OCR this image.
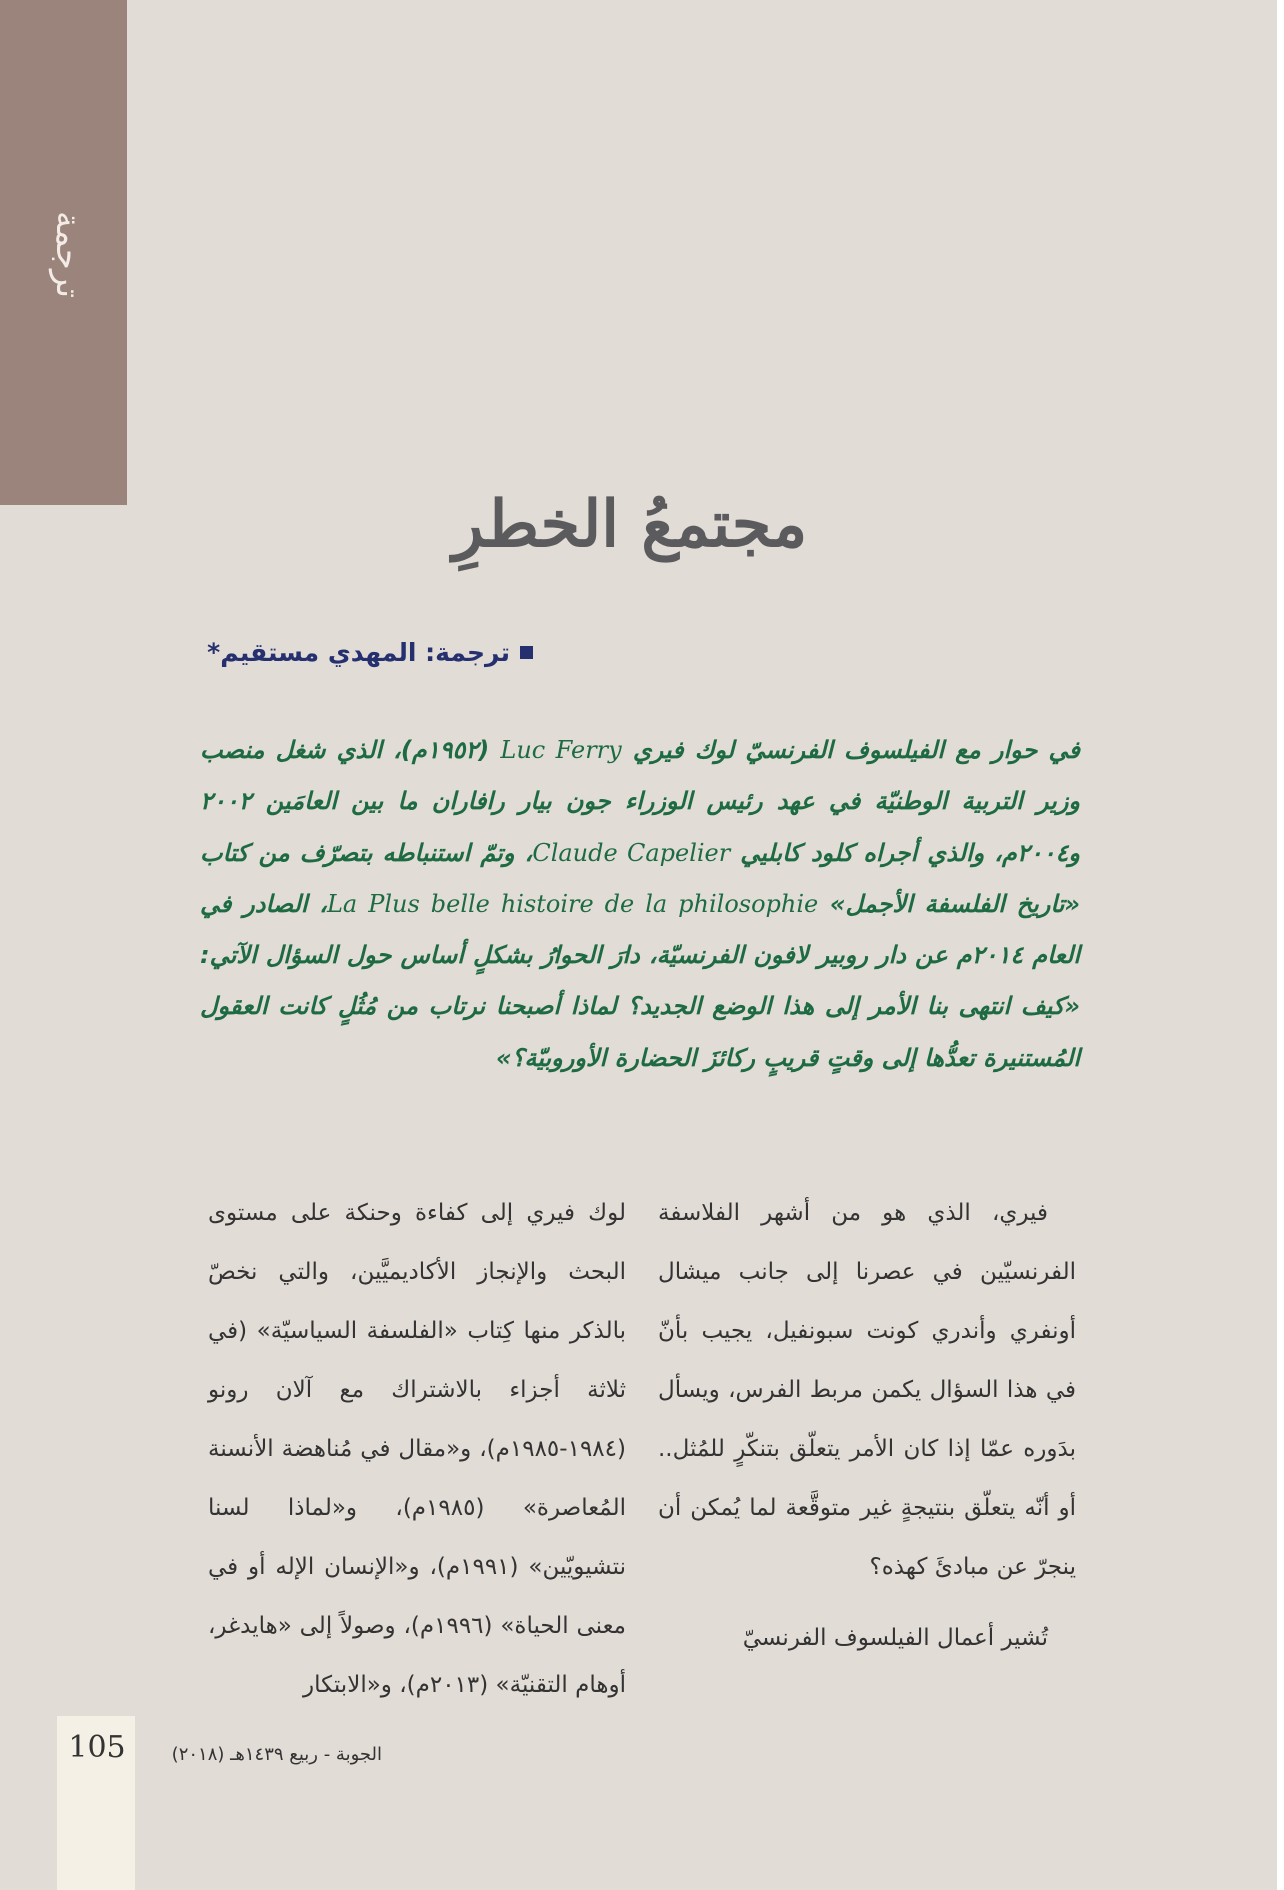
ترجمة
مجتمعُ الخطرِ
ترجمة: المهدي مستقيم*

في حوار مع الفيلسوف الفرنسيّ لوك فيري Luc Ferry (١٩٥٢م)، الذي شغل منصب وزير التربية الوطنيّة في عهد رئيس الوزراء جون بيار رافاران ما بين العامَين ٢٠٠٢ و٢٠٠٤م، والذي أجراه كلود كابليي Claude Capelier، وتمّ استنباطه بتصرّف من كتاب «تاريخ الفلسفة الأجمل» La Plus belle histoire de la philosophie، الصادر في العام ٢٠١٤م عن دار روبير لافون الفرنسيّة، دارَ الحوارُ بشكلٍ أساس حول السؤال الآتي: «كيف انتهى بنا الأمر إلى هذا الوضع الجديد؟ لماذا أصبحنا نرتاب من مُثُلٍ كانت العقول المُستنيرة تعدُّها إلى وقتٍ قريبٍ ركائزَ الحضارة الأوروبيّة؟»

فيري، الذي هو من أشهر الفلاسفة الفرنسيّين في عصرنا إلى جانب ميشال أونفري وأندري كونت سبونفيل، يجيب بأنّ في هذا السؤال يكمن مربط الفرس، ويسأل بدَوره عمّا إذا كان الأمر يتعلّق بتنكّرٍ للمُثل.. أو أنّه يتعلّق بنتيجةٍ غير متوقَّعة لما يُمكن أن ينجرّ عن مبادئَ كهذه؟

تُشير أعمال الفيلسوف الفرنسيّ

لوك فيري إلى كفاءة وحنكة على مستوى البحث والإنجاز الأكاديميَّين، والتي نخصّ بالذكر منها كِتاب «الفلسفة السياسيّة» (في ثلاثة أجزاء بالاشتراك مع آلان رونو (١٩٨٤-١٩٨٥م)، و«مقال في مُناهضة الأنسنة المُعاصرة» (١٩٨٥م)، و«لماذا لسنا نتشيويّين» (١٩٩١م)، و«الإنسان الإله أو في معنى الحياة» (١٩٩٦م)، وصولاً إلى «هايدغر، أوهام التقنيّة» (٢٠١٣م)، و«الابتكار

105	الجوبة - ربيع ١٤٣٩هـ (٢٠١٨)
